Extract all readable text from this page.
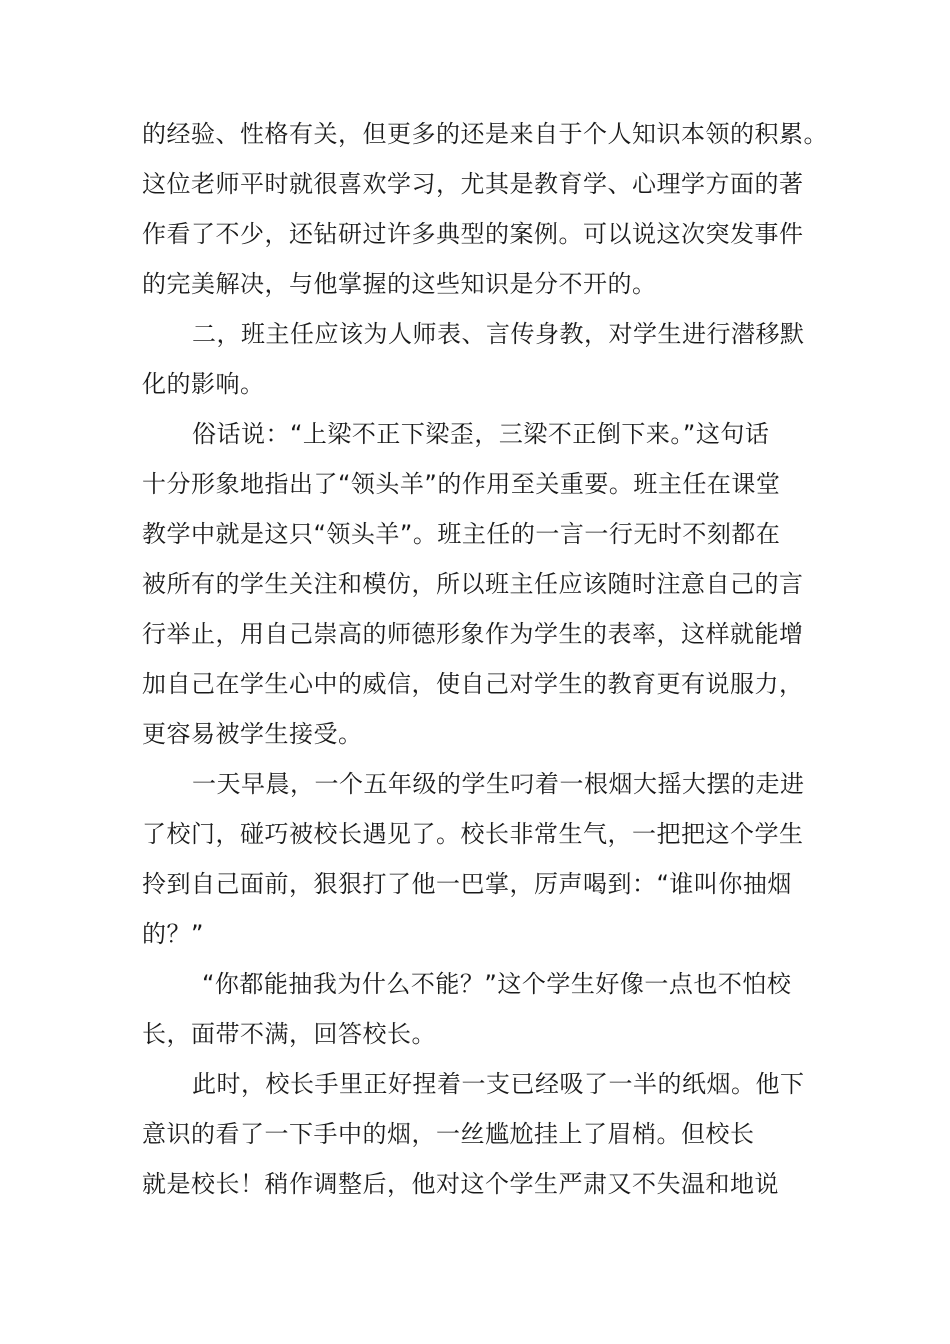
的经验、性格有关，但更多的还是来自于个人知识本领的积累。
这位老师平时就很喜欢学习，尤其是教育学、心理学方面的著
作看了不少，还钻研过许多典型的案例。可以说这次突发事件
的完美解决，与他掌握的这些知识是分不开的。
二，班主任应该为人师表、言传身教，对学生进行潜移默
化的影响。
俗话说：“上梁不正下梁歪，三梁不正倒下来。”这句话
十分形象地指出了“领头羊”的作用至关重要。班主任在课堂
教学中就是这只“领头羊”。班主任的一言一行无时不刻都在
被所有的学生关注和模仿，所以班主任应该随时注意自己的言
行举止，用自己崇高的师德形象作为学生的表率，这样就能增
加自己在学生心中的威信，使自己对学生的教育更有说服力，
更容易被学生接受。
一天早晨，一个五年级的学生叼着一根烟大摇大摆的走进
了校门，碰巧被校长遇见了。校长非常生气，一把把这个学生
拎到自己面前，狠狠打了他一巴掌，厉声喝到：“谁叫你抽烟
的？”
“你都能抽我为什么不能？”这个学生好像一点也不怕校
长，面带不满，回答校长。
此时，校长手里正好捏着一支已经吸了一半的纸烟。他下
意识的看了一下手中的烟，一丝尴尬挂上了眉梢。但校长
就是校长！稍作调整后，他对这个学生严肃又不失温和地说
